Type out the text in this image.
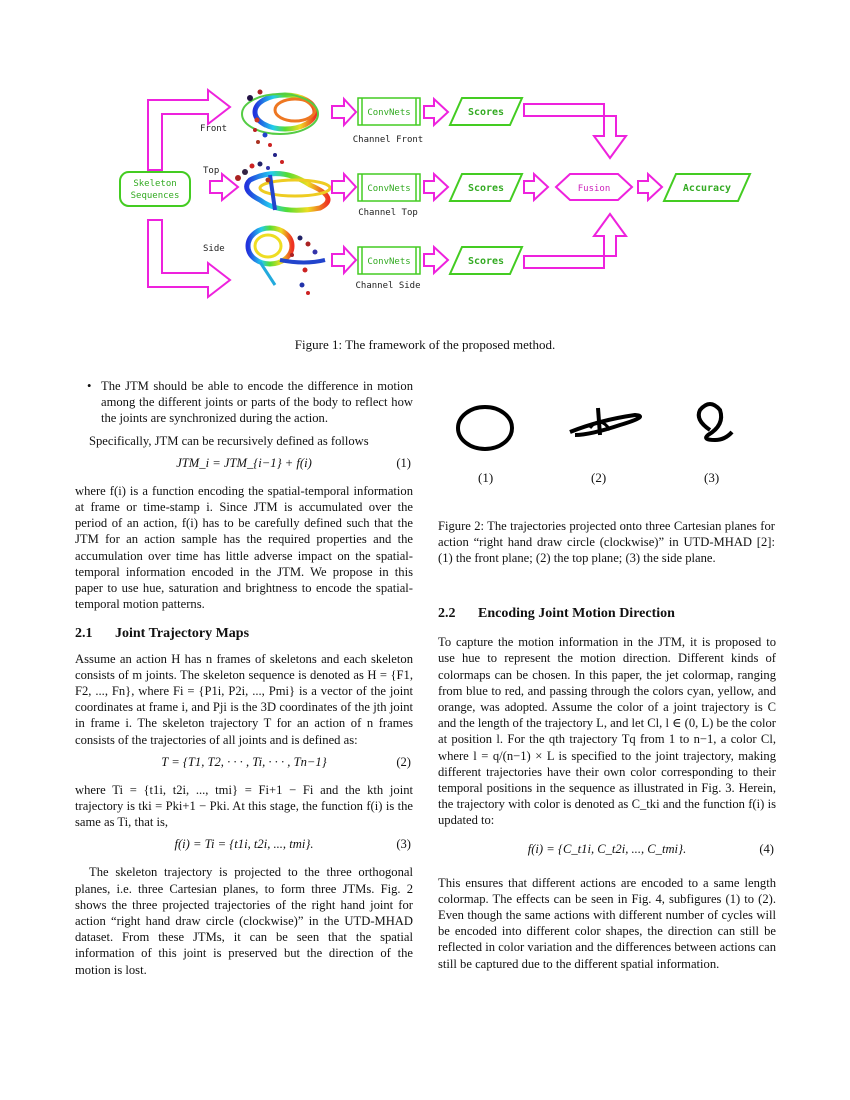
Skeleton
Sequences
Front
Top
Side
ConvNets
ConvNets
ConvNets
Channel Front
Channel Top
Channel Side
Scores
Scores
Scores
Fusion	Accuracy
Figure 1: The framework of the proposed method.
(1)	(2)	(3)
Figure 2: The trajectories projected onto three Cartesian planes for action “right hand draw circle (clockwise)” in UTD-MHAD [2]: (1) the front plane; (2) the top plane; (3) the side plane.

• The JTM should be able to encode the difference in motion among the different joints or parts of the body to reflect how the joints are synchronized during the action.

Specifically, JTM can be recursively defined as follows

JTM_i = JTM_{i−1} + f(i)	(1)

where f(i) is a function encoding the spatial-temporal information at frame or time-stamp i. Since JTM is accumulated over the period of an action, f(i) has to be carefully defined such that the JTM for an action sample has the required properties and the accumulation over time has little adverse impact on the spatial-temporal information encoded in the JTM. We propose in this paper to use hue, saturation and brightness to encode the spatial-temporal motion patterns.

2.1 Joint Trajectory Maps

Assume an action H has n frames of skeletons and each skeleton consists of m joints. The skeleton sequence is denoted as H = {F1, F2, ..., Fn}, where Fi = {P1i, P2i, ..., Pmi} is a vector of the joint coordinates at frame i, and Pji is the 3D coordinates of the jth joint in frame i. The skeleton trajectory T for an action of n frames consists of the trajectories of all joints and is defined as:

T = {T1, T2, · · · , Ti, · · · , Tn−1}	(2)

where Ti = {t1i, t2i, ..., tmi} = Fi+1 − Fi and the kth joint trajectory is tki = Pki+1 − Pki. At this stage, the function f(i) is the same as Ti, that is,

f(i) = Ti = {t1i, t2i, ..., tmi}.	(3)

The skeleton trajectory is projected to the three orthogonal planes, i.e. three Cartesian planes, to form three JTMs. Fig. 2 shows the three projected trajectories of the right hand joint for action “right hand draw circle (clockwise)” in the UTD-MHAD dataset. From these JTMs, it can be seen that the spatial information of this joint is preserved but the direction of the motion is lost.

2.2 Encoding Joint Motion Direction

To capture the motion information in the JTM, it is proposed to use hue to represent the motion direction. Different kinds of colormaps can be chosen. In this paper, the jet colormap, ranging from blue to red, and passing through the colors cyan, yellow, and orange, was adopted. Assume the color of a joint trajectory is C and the length of the trajectory L, and let Cl, l ∈ (0, L) be the color at position l. For the qth trajectory Tq from 1 to n−1, a color Cl, where l = q/(n−1) × L is specified to the joint trajectory, making different trajectories have their own color corresponding to their temporal positions in the sequence as illustrated in Fig. 3. Herein, the trajectory with color is denoted as C_tki and the function f(i) is updated to:

f(i) = {C_t1i, C_t2i, ..., C_tmi}.	(4)

This ensures that different actions are encoded to a same length colormap. The effects can be seen in Fig. 4, subfigures (1) to (2). Even though the same actions with different number of cycles will be encoded into different color shapes, the direction can still be reflected in color variation and the differences between actions can still be captured due to the different spatial information.
